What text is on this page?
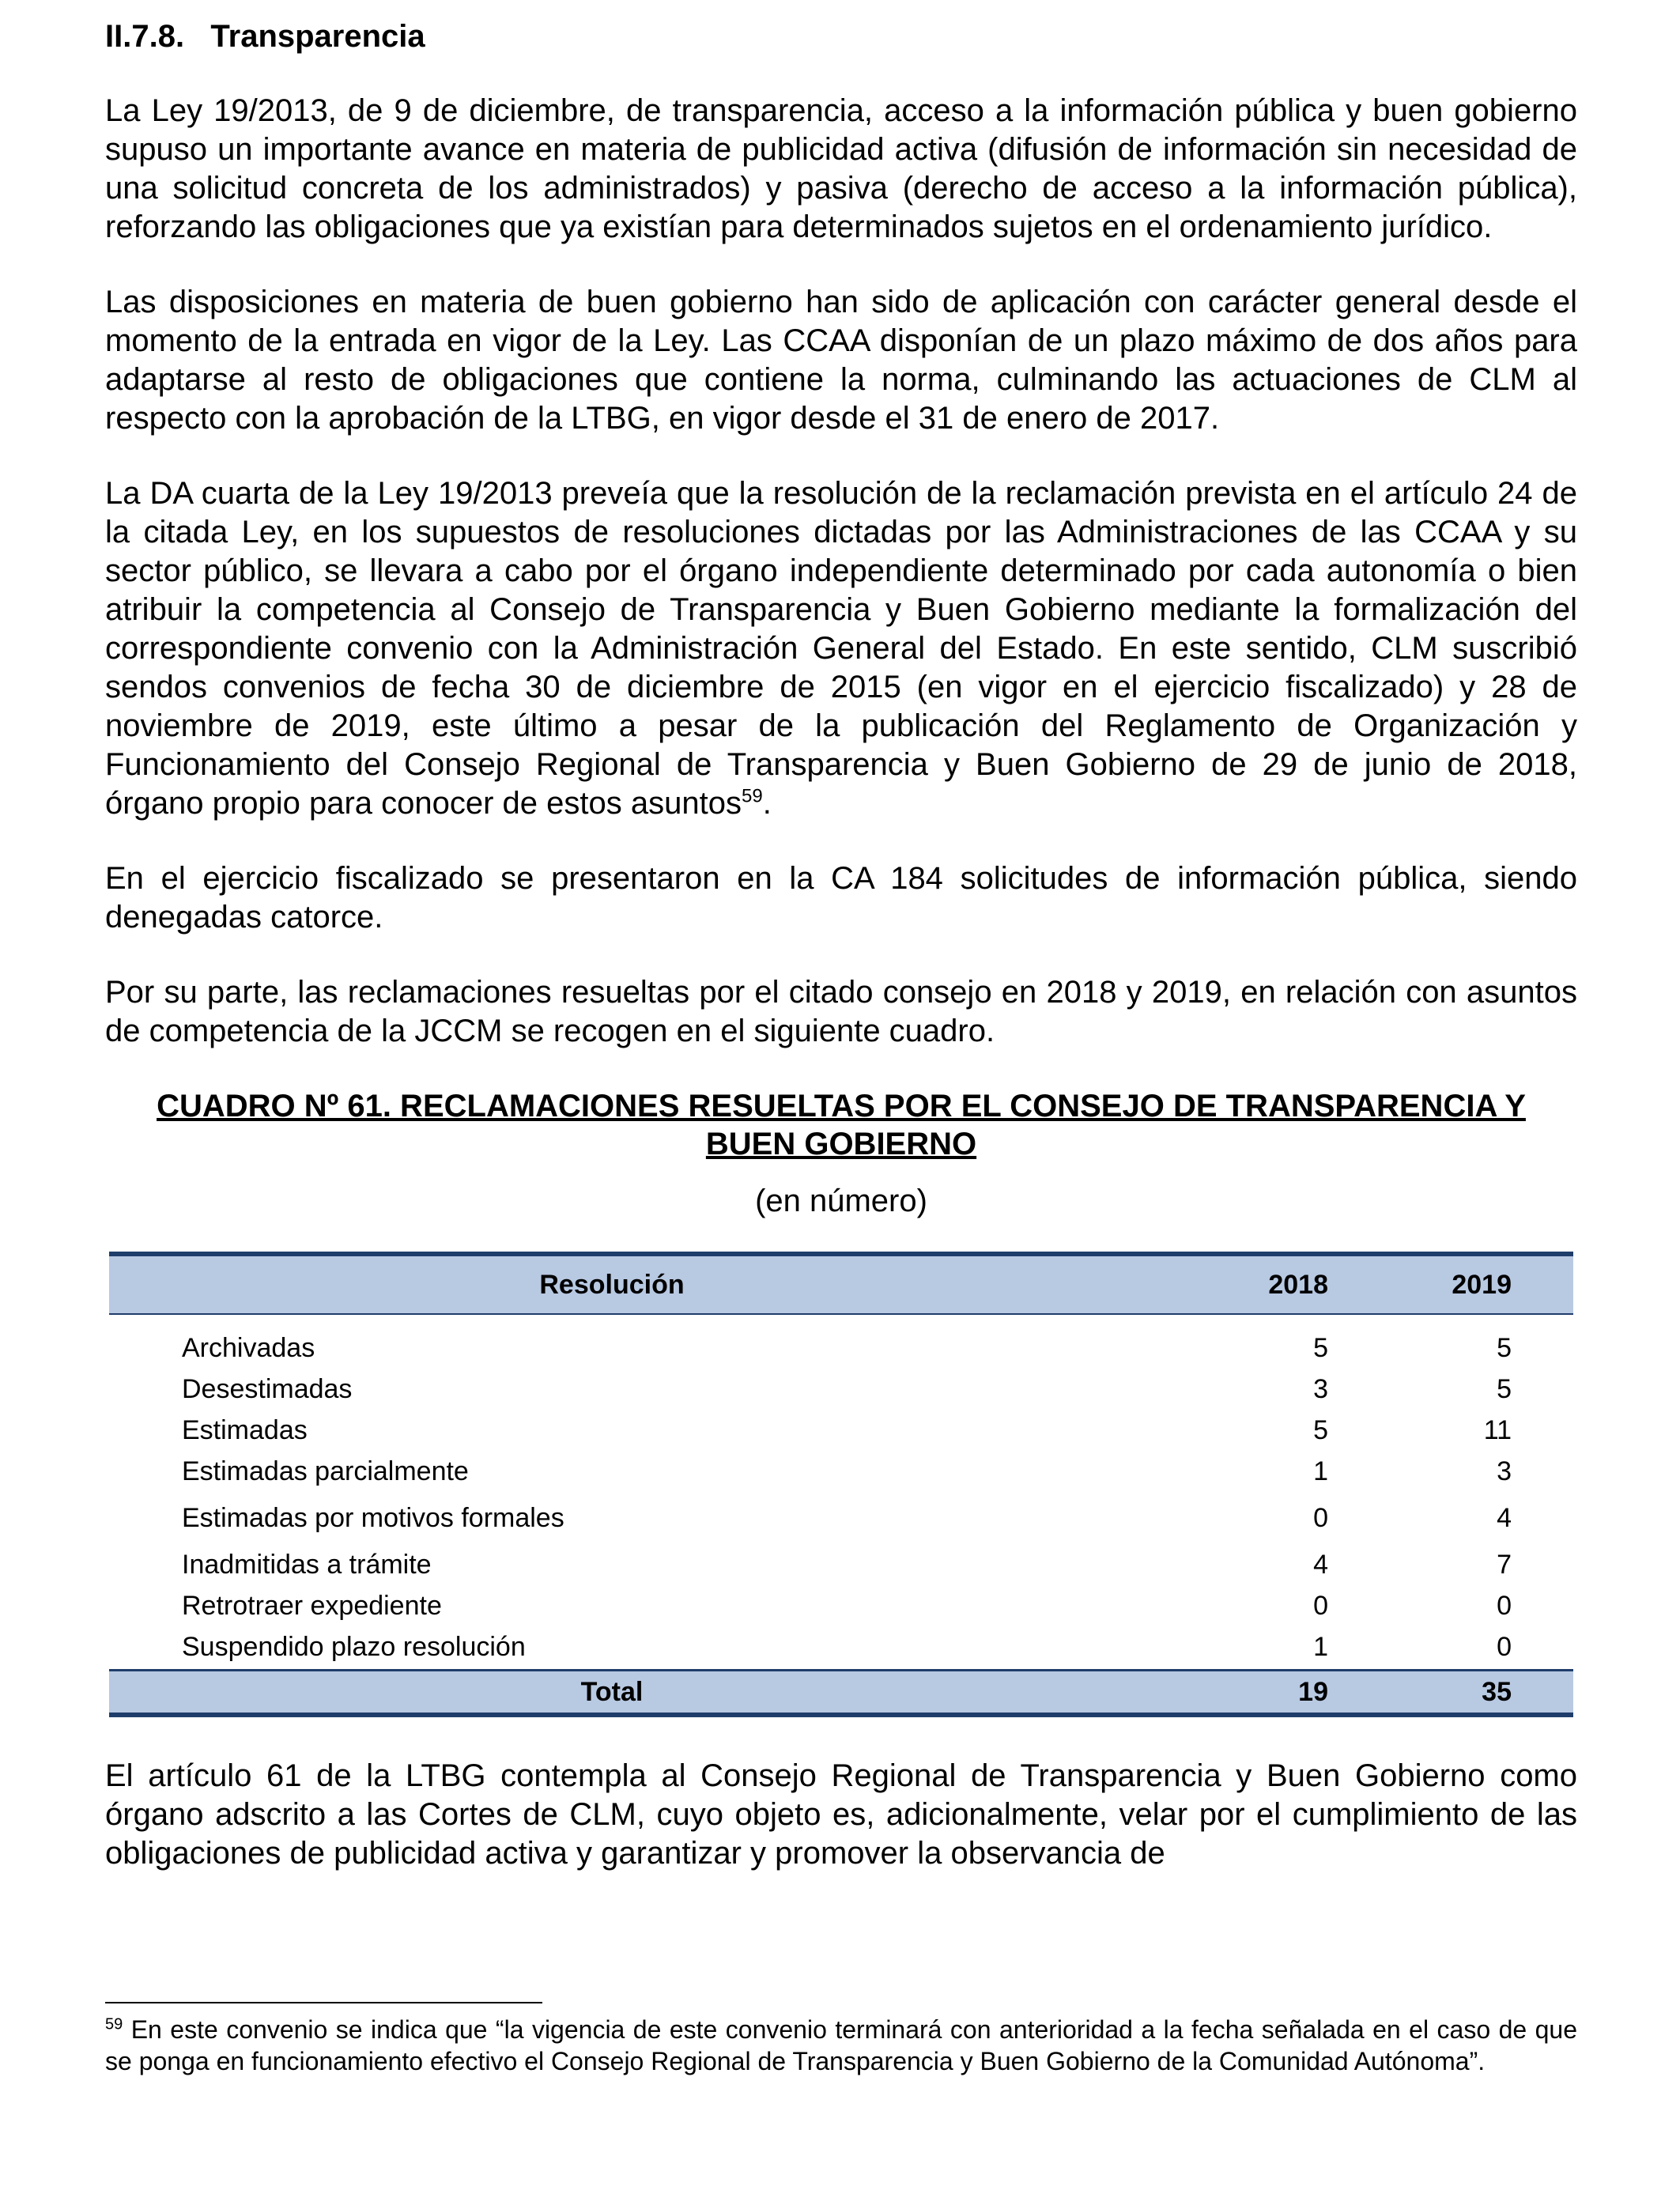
II.7.8. Transparencia

La Ley 19/2013, de 9 de diciembre, de transparencia, acceso a la información pública y buen gobierno supuso un importante avance en materia de publicidad activa (difusión de información sin necesidad de una solicitud concreta de los administrados) y pasiva (derecho de acceso a la información pública), reforzando las obligaciones que ya existían para determinados sujetos en el ordenamiento jurídico.

Las disposiciones en materia de buen gobierno han sido de aplicación con carácter general desde el momento de la entrada en vigor de la Ley. Las CCAA disponían de un plazo máximo de dos años para adaptarse al resto de obligaciones que contiene la norma, culminando las actuaciones de CLM al respecto con la aprobación de la LTBG, en vigor desde el 31 de enero de 2017.

La DA cuarta de la Ley 19/2013 preveía que la resolución de la reclamación prevista en el artículo 24 de la citada Ley, en los supuestos de resoluciones dictadas por las Administraciones de las CCAA y su sector público, se llevara a cabo por el órgano independiente determinado por cada autonomía o bien atribuir la competencia al Consejo de Transparencia y Buen Gobierno mediante la formalización del correspondiente convenio con la Administración General del Estado. En este sentido, CLM suscribió sendos convenios de fecha 30 de diciembre de 2015 (en vigor en el ejercicio fiscalizado) y 28 de noviembre de 2019, este último a pesar de la publicación del Reglamento de Organización y Funcionamiento del Consejo Regional de Transparencia y Buen Gobierno de 29 de junio de 2018, órgano propio para conocer de estos asuntos$^{59}$.

En el ejercicio fiscalizado se presentaron en la CA 184 solicitudes de información pública, siendo denegadas catorce.

Por su parte, las reclamaciones resueltas por el citado consejo en 2018 y 2019, en relación con asuntos de competencia de la JCCM se recogen en el siguiente cuadro.

CUADRO Nº 61. RECLAMACIONES RESUELTAS POR EL CONSEJO DE TRANSPARENCIA Y BUEN GOBIERNO
(en número)
Resolución	2018	2019
Archivadas	5	5
Desestimadas	3	5
Estimadas	5	11
Estimadas parcialmente	1	3
Estimadas por motivos formales	0	4
Inadmitidas a trámite	4	7
Retrotraer expediente	0	0
Suspendido plazo resolución	1	0
Total	19	35

El artículo 61 de la LTBG contempla al Consejo Regional de Transparencia y Buen Gobierno como órgano adscrito a las Cortes de CLM, cuyo objeto es, adicionalmente, velar por el cumplimiento de las obligaciones de publicidad activa y garantizar y promover la observancia de

$^{59}$ En este convenio se indica que “la vigencia de este convenio terminará con anterioridad a la fecha señalada en el caso de que se ponga en funcionamiento efectivo el Consejo Regional de Transparencia y Buen Gobierno de la Comunidad Autónoma”.
